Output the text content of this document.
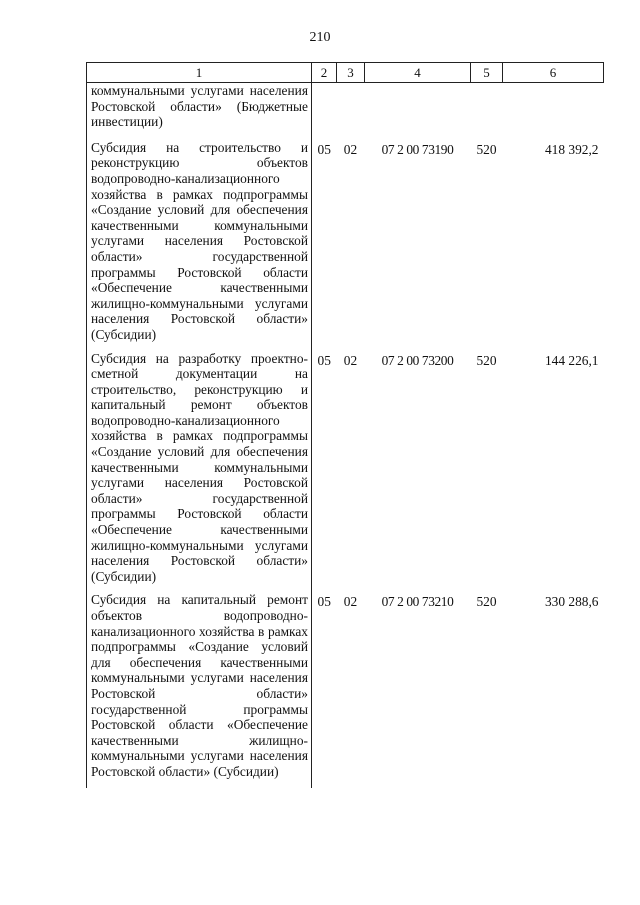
210
1	2	3	4	5	6
коммунальными услугами населения Ростовской области» (Бюджетные инвестиции)					
Субсидия на строительство и реконструкцию объектов водопроводно-канализационного хозяйства в рамках подпрограммы «Создание условий для обеспечения качественными коммунальными услугами населения Ростовской области» государственной программы Ростовской области «Обеспечение качественными жилищно-коммунальными услугами населения Ростовской области» (Субсидии)	05	02	07 2 00 73190	520	418 392,2
Субсидия на разработку проектно-сметной документации на строительство, реконструкцию и капитальный ремонт объектов водопроводно-канализационного хозяйства в рамках подпрограммы «Создание условий для обеспечения качественными коммунальными услугами населения Ростовской области» государственной программы Ростовской области «Обеспечение качественными жилищно-коммунальными услугами населения Ростовской области» (Субсидии)	05	02	07 2 00 73200	520	144 226,1
Субсидия на капитальный ремонт объектов водопроводно-канализационного хозяйства в рамках подпрограммы «Создание условий для обеспечения качественными коммунальными услугами населения Ростовской области» государственной программы Ростовской области «Обеспечение качественными жилищно-коммунальными услугами населения Ростовской области» (Субсидии)	05	02	07 2 00 73210	520	330 288,6
